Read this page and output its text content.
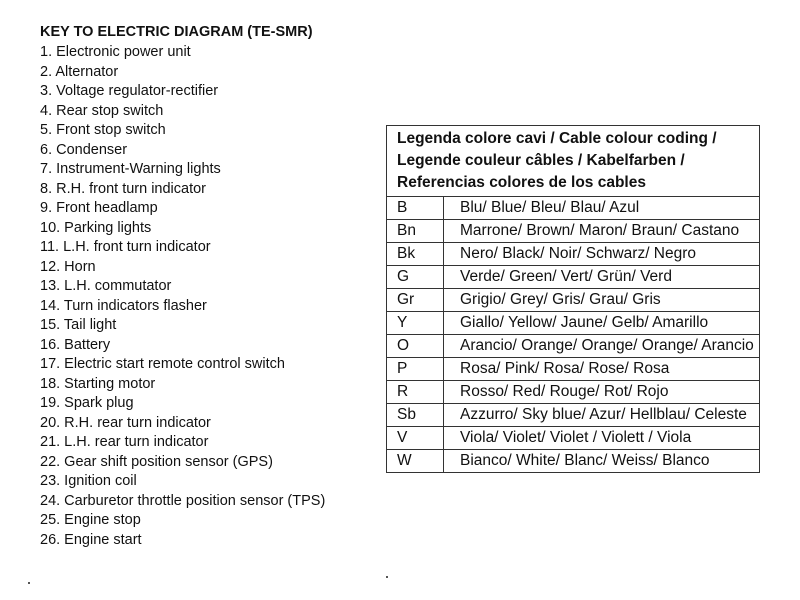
KEY TO ELECTRIC DIAGRAM (TE-SMR)
1. Electronic power unit
2. Alternator
3. Voltage regulator-rectifier
4. Rear stop switch
5. Front stop switch
6. Condenser
7. Instrument-Warning lights
8. R.H. front turn indicator
9. Front headlamp
10. Parking lights
11. L.H. front turn indicator
12. Horn
13. L.H. commutator
14. Turn indicators flasher
15. Tail light
16. Battery
17. Electric start remote control switch
18. Starting motor
19. Spark plug
20. R.H. rear turn indicator
21. L.H. rear turn indicator
22. Gear shift position sensor (GPS)
23. Ignition coil
24. Carburetor throttle position sensor (TPS)
25. Engine stop
26. Engine start
Legenda colore cavi / Cable colour coding / Legende couleur câbles / Kabelfarben / Referencias colores de los cables	
B	Blu/ Blue/ Bleu/ Blau/ Azul
Bn	Marrone/ Brown/ Maron/ Braun/ Castano
Bk	Nero/ Black/ Noir/ Schwarz/ Negro
G	Verde/ Green/ Vert/ Grün/ Verd
Gr	Grigio/ Grey/ Gris/ Grau/ Gris
Y	Giallo/ Yellow/ Jaune/ Gelb/ Amarillo
O	Arancio/ Orange/ Orange/ Orange/ Arancio
P	Rosa/ Pink/ Rosa/ Rose/ Rosa
R	Rosso/ Red/ Rouge/ Rot/ Rojo
Sb	Azzurro/ Sky blue/ Azur/ Hellblau/ Celeste
V	Viola/ Violet/ Violet / Violett / Viola
W	Bianco/ White/ Blanc/ Weiss/ Blanco
